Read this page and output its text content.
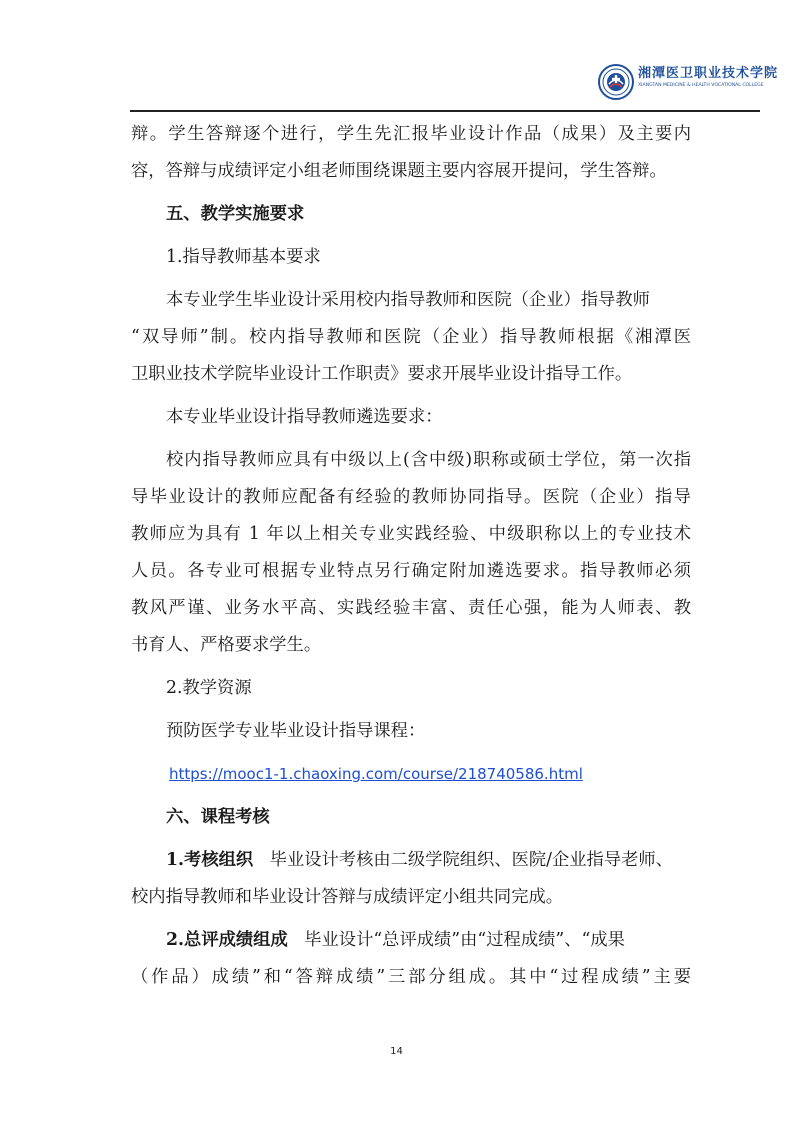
湘潭医卫职业技术学院
XIANGTAN MEDICINE & HEALTH VOCATIONAL COLLEGE

辩。学生答辩逐个进行，学生先汇报毕业设计作品（成果）及主要内
容，答辩与成绩评定小组老师围绕课题主要内容展开提问，学生答辩。

五、教学实施要求

1.指导教师基本要求

本专业学生毕业设计采用校内指导教师和医院（企业）指导教师
“双导师”制。校内指导教师和医院（企业）指导教师根据《湘潭医
卫职业技术学院毕业设计工作职责》要求开展毕业设计指导工作。

本专业毕业设计指导教师遴选要求：

校内指导教师应具有中级以上(含中级)职称或硕士学位，第一次指
导毕业设计的教师应配备有经验的教师协同指导。医院（企业）指导
教师应为具有 1 年以上相关专业实践经验、中级职称以上的专业技术
人员。各专业可根据专业特点另行确定附加遴选要求。指导教师必须
教风严谨、业务水平高、实践经验丰富、责任心强，能为人师表、教
书育人、严格要求学生。

2.教学资源

预防医学专业毕业设计指导课程：

https://mooc1-1.chaoxing.com/course/218740586.html

六、课程考核

1.考核组织 毕业设计考核由二级学院组织、医院/企业指导老师、
校内指导教师和毕业设计答辩与成绩评定小组共同完成。

2.总评成绩组成 毕业设计“总评成绩”由“过程成绩”、“成果
（作品）成绩”和“答辩成绩”三部分组成。其中“过程成绩”主要

14
